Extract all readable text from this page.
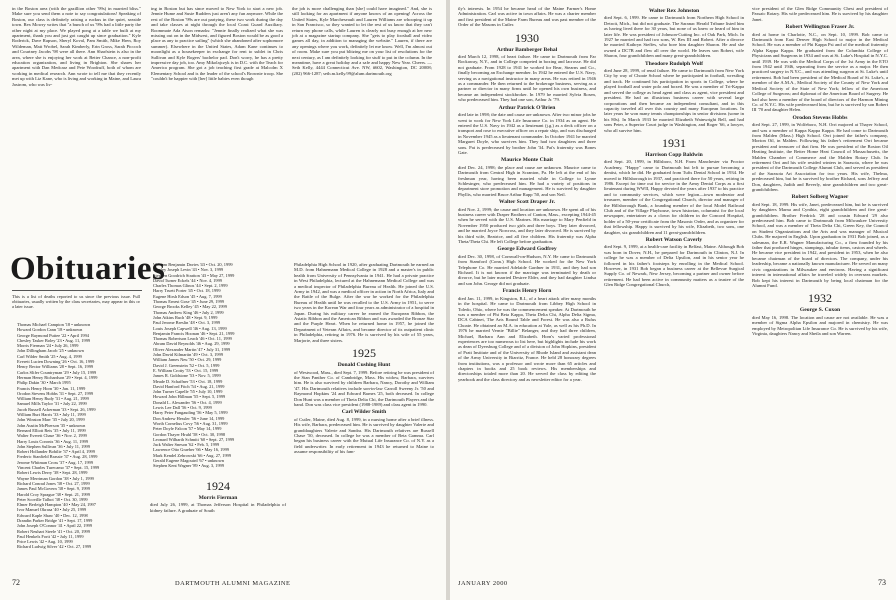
in the Boston area (with the gazillion other '99s) in married bliss." Make sure you send them a note to say congratulations! Speaking of Boston, our class is definitely raising a ruckus in the quiet, seaside town. Rex Mowry writes that "a bunch of us '99s had a little party the other night at my place. We played pong at a table we built at my apartment, thank you and just got caught up since graduation." Kyle Roderick, Dave Rapson, Sheryl Koval, Pam Smith, Mike Hren, Roy Wildeman, Matt Wrobel, Sarah Kimberly, Erin Gross, Sarah Piccoch and Courtney Jacobs '98 were all there. Ann Sharfstein is also in the area, where she is enjoying her work at Better Chance, a non-profit education organization, and living in Brighton. She shares her apartment with Dan Medcarz and Pete Woodruff, both of whom are working in medical research. Ann wrote to tell me that they recently met up with Liz Kane, who is living and working in Maine, and Laura Jastrom, who was liv-

ing in Boston but has since moved to New York to start a new job. Jennie Hume and Susie Rudders just aren't any fun anymore. While the rest of the Boston '99s are out partying, these two work during the day and take classes at night through the local Coast Guard Auxiliary. Roommate Ada Atson remarks: "Jennie finally realized what she was missing out on in the Midwest, and figured Boston would be as good a place as any to practice sailing" (which she abandoned after sophomore summer). Elsewhere in the United States, Adam Kane continues to moonlight as a housekeeper in exchange for rent to sublet in Chris Sullivan and Kyle Rogers' bachelor pad. Don't worry, he has a pretty impressive day job, too. Amy Mikolajczyk is in D.C. with the Teach for America program. She got a job teaching first grade at Malcolm X Elementary School and is the leader of the school's Brownie troop. She "couldn't be happier with [her] little babies even though

the job is more challenging than [she] could have imagined." And, she is still looking for an apartment if anyone knows of an opening! Across the United States, Kyle Marcheseault and Lauren Williams are whooping it up in San Francisco, so they wanted to let the rest of us know that they can't return my phone calls, while Lauren is clearly not busy enough at her new job at a magazine startup company. She "gets to play foosball and video games all day, in addition to managing the website." Lauren, if there are any openings where you work, definitely let me know. Well, I'm almost out of room. Make sure you put blitzing me on your list of resolutions for the next century, as I am definitely looking for stuff to put in the column. In the meantime, have a great holiday and a safe and happy New Year. Cheers. —Seth Kelly, 4444 Connecticut Ave. NW, #602, Washington, DC 20008; (202) 966-1287; seth.m.kelly.99@alum.dartmouth.org

Obituaries
This is a list of deaths reported to us since the previous issue. Full obituaries, usually written by the class secretaries, may appear in this or a later issue.
Thomas Michael Campion '18 • unknown
Howard Gordon Cann '18 • unknown
George Raymond Puttee '22 • April 1994
Chesley Tasker Boley '23 • Aug. 11, 1999
Morris Fierman '24 • July 26, 1999
John Dillingham Jacob '25 • unknown
Carl Wilder Smith '25 • Aug. 4, 1999
Everett Lucien Downing '26 • Oct. 16, 1999
Henry Rector Williams '28 • Sept. 16, 1999
Carlos Slifer Countryman '29 • July 15, 1999
Herman Henry Richardson '29 • Sept. 4, 1999
Philip Dakin '30 • March 1995
Francis Henry Horn '30 • Jan. 11, 1999
Orodon Stevens Hobbs '31 • Sept. 27, 1999
William Henry Rudy '31 • Aug. 21, 1999
Samuel Mills Taylor '31 • July 22, 1999
Jacob Russell Ackerman '33 • Sept. 26, 1999
William Burt Harris '33 • July 11, 1999
John Winston Marr '35 • July 20, 1999
John Austin McPherson '35 • unknown
Bernard Elliott Reis '35 • July 11, 1999
Walter Everett Chase '36 • Nov. 2, 1999
Harry Louis Coronis '36 • Aug. 11, 1999
John Stephen Sullivan '36 • July 11, 1999
Robert Hollander Bobilie '37 • April 4, 1999
Frederic Stanfield Brassie '37 • Aug. 28, 1999
Jerome Whitman Cross '37 • Aug. 17, 1999
Vincent Charles Turecamo '37 • Sept. 15, 1999
Robert Lewis Derry '38 • Sept. 28, 1999
Wayne Merriman Gordon '38 • July 1, 1999
Richard Conrad Jones '38 • Oct. 27, 1999
James Paul McGovern '38 • Sept. 9, 1999
Harold Croy Sprague '38 • Sept. 21, 1999
Peter Scoville Talbot '38 • Oct. 30, 1999
Elmer Berleigh Hampton '40 • May 24, 1997
Ivor Manuel Okrasa '40 • July 25, 1999
Edward Kaple Shaw '40 • Dec. 12, 1998
Drandin Parker Bridge '41 • Sept. 17, 1999
John Joseph O'Connor '41 • April 22, 1999
Robert Neuhart Steele '41 • Oct. 20, 1999
Paul Henkels Fortt '42 • July 11, 1999
Price Lewis '42 • Aug. 10, 1999
Richard Ludwig Silver '42 • Oct. 27, 1999
William Benjamin Davies '43 • Oct. 20, 1999
Stanley Joseph Levin '43 • Nov. 3, 1999
Stephen Goodrich Stratton '43 • May 27, 1999
David Turner Eckels '44 • Nov. 4, 1999
Charles Thomas Glinos '44 • Sept. 2, 1999
Harry Truett Porter '45 • Oct. 18, 1999
Eugene Hirsh Edson '45 • Aug. 7, 1999
Thomas Ernest Gose '45 • June 29, 1999
George Brooks Kelley '45 • May 22, 1999
Thomas Andrew King '46 • July 2, 1999
John Atkins Ruch '48 • Sept. 9, 1999
Paul Jerome Breslin '48 • Oct. 3, 1999
Louis Joseph Capwell '46 • Aug. 13, 1999
Benjamin Francis Hoonan '46 • Sept. 21, 1999
Thomas Robertson Leach '46 • Oct. 11, 1999
Abram David Reynolds '46 • Aug. 29, 1999
Oliver Alexander Martin '47 • July 31, 1999
John David Kilmartin '49 • Oct. 3, 1999
William James Neu '50 • Oct. 29, 1999
David J. Greenstein '52 • Oct. 5, 1999
E. William Crotty '53 • Oct. 15, 1999
James R. Goldstone '53 • Nov. 5, 1999
Meade D. Schaffner '53 • Oct. 18, 1999
David Hanford Fitch '54 • Aug. 21, 1999
John Turner Capelle '55 • July 10, 1999
Howard John Hillman '55 • Sept. 5, 1999
Donald L. Alexander '56 • Oct. 4, 1999
Lewis Lee Dall '56 • Oct. 9, 1999
Harry Peter Fangauding '56 • May 5, 1999
Don Andrew Hessler '56 • June 14, 1999
Worth Cornelius Covy '56 • Aug. 31, 1999
Peter Doyle Falcon '57 • May 14, 1999
Gordon Thayer Hruhl '58 • Oct. 30, 1998
Leonard Wilbarth Schmitt '60 • Sept. 27, 1999
Jack Walter Sneson '62 • Feb. 5, 1999
Lawrence Otto Graeber '66 • May 16, 1999
Mark Kendel Zebrowski '66 • Aug. 27, 1999
Gerald Eugene Magouird '67 • unknown
Stephen Kent Wagner '89 • Aug. 3, 1999
1924
Morris Fierman

died July 26, 1999, at Thomas Jefferson Hospital in Philadelphia of kidney failure. A graduate of South

Philadelphia High School in 1920, after graduating Dartmouth he earned an M.D. from Hahnemann Medical College in 1928 and a master's in public health from University of Pennsylvania in 1941. He had a private practice in West Philadelphia, lectured at the Hahnemann Medical College and was a medical inspector of Philadelphia Bureau of Health. He joined the U.S. Army in 1942, and was a medical officer in action in North Africa, Italy and the Battle of the Bulge. After the war he worked for the Philadelphia Bureau of Health until he was recalled to the U.S. Army in 1951, to serve two years in the Korean War and four years as administrator of a hospital in Japan. During his military career he earned the European Ribbon, the Asiatic Ribbon and the American Ribbon and was awarded the Bronze Star and the Purple Heart. When he returned home in 1957, he joined the Department of Veteran Affairs, and became director of its outpatient clinic in Philadelphia, retiring in 1976. He is survived by his wife of 55 years, Marjorie, and three sisters.

1925
Donald Cushing Hunt

of Westwood, Mass., died Sept. 7, 1999. Before retiring he was president of the Stan Panther Co. of Cambridge, Mass. His widow, Barbara, survives him. He is also survived by children Barbara, Nancy, Dorothy and William '47. His Dartmouth relatives include son-in-law Carroll Sweeny Jr. '50 and Raymond Hopkins '24 and Edward Barnes '25, both deceased. In college Don Hunt was a member of Theta Delta Chi, the Dartmouth Players and the band. Don was class vice president (1988-1989) and class agent in 1990.

Carl Wilder Smith

of Cutler, Maine, died Aug. 8, 1999, in a nursing home after a brief illness. His wife, Barbara, predeceased him. He is survived by daughter Valerie and granddaughters Valerie and Sandra. His Dartmouth relatives are Russell Chase '50, deceased. In college he was a member of Beta Gamma. Carl began his business career with the Mutual Life Insurance Co. of N.Y. as a field underwriter. In early retirement in 1943 he returned to Maine to assume responsibility of his fam-

72	DARTMOUTH ALUMNI MAGAZINE

ily's interests. In 1954 he became head of the Maine Farmer's Home Administration. Carl was active in town affairs. He was a charter member and first president of the Maine Farm Bureau and was past member of the Order of the Masons in Cutler.

1930
Arthur Bamberger Behal

died March 12, 1998, of heart failure. He came to Dartmouth from Far Rockaway, N.Y., and in College competed in boxing and lacrosse. He did not graduate. From 1928 to 1941 he worked for Bear, Stearns and Co., finally becoming an Exchange member. In 1942 he entered the U.S. Navy, serving as a navigational instructor in many areas. He was retired in 1946 as a commander. He then returned to the brokerage business, serving as a partner or director in many firms until he opened his own business, and became an independent stockbroker. In 1979 he married Sylvia Rosen, who predeceased him. They had one son, Arthur Jr. '79.

Arthur Patrick O'Brien

died late in 1998; the date and cause are unknown. After two minor jobs he went to work for New York Life Insurance Co. in 1934 as an agent. He entered the U.S. Navy in 1942 as a lieutenant (j.g.) as a deck officer on a transport and rose to executive officer on a repair ship, and was discharged in November 1945 as a lieutenant commander. In October 1941 he married Margaret Doyle, who survives him. They had two daughters and three sons. Pat is predeceased by brother John '34. Pat's fraternity was Bones Gate.

Maurice Monte Chait

died Dec. 24, 1998; the place and cause are unknown. Maurice came to Dartmouth from Central High in Scranton, Pa. He left at the end of his freshman year, having been married while in College to Lynne Schlesinger, who predeceased him. He had a variety of positions in department store promotion and management. He is survived by daughter Phyllis, who married Bruce Arthur Rapp '50, and son Neil.

Walter Scott Draper Jr.

died Nov. 2, 1999; the cause and location are unknown. He spent all of his business career with Draper Brothers of Canton, Mass., excepting 1944-45 when he served with the U.S. Marines. His marriage to Mary Penfield in November 1950 produced two girls and three boys. They later divorced, and he married Joyce Norcross, and they later divorced. He is survived by his third wife, Beatrice, and all five children. His fraternity was Alpha Theta/Theta Chi. He left College before graduation.

George Edward Godfrey

died Dec. 30, 1998, of Cornwall-on-Hudson, N.Y. He came to Dartmouth from Stamford (Conn.) High School. He worked for the New York Telephone Co. He married Adelaide Gardner in 1931, and they had son Richard. It is not known if the marriage was terminated by death or divorce, but he later married Desiree Elder, and they had daughter Lindsa and son John. George did not graduate.

Francis Henry Horn

died Jan. 11, 1999, in Kingston, R.I., of a heart attack after many months in the hospital. He came to Dartmouth from Libbey High School in Toledo, Ohio, where he was the commencement speaker. At Dartmouth he was a member of Phi Beta Kappa, Theta Delta Chi, Alpha Delta Sigma, DCA Cabinet, The Arts Round Table and Forest. He was also a Rufus Choate. He obtained an M.A. in education at Yale, as well as his Ph.D. In 1976 he married Vernie "Billie" Belanger, and they had three children, Michael, Barbara Ann and Elizabeth. Horn's varied professional experiences are too numerous to list here, but highlights include his work as dean of Dyersburg College and of a division of John Hopkins, president of Pratt Institute and of the University of Rhode Island and assistant dean of the Army University in Biarritz, France. He held 28 honorary degrees from institutions, was a professor and wrote more than 65 articles and chapters in books and 25 book reviews. His memberships and directorships totaled more than 20. He served the class by editing the yearbook and the class directory and as newsletter editor for a year.

Walter Rex Johnston

died Sept. 6, 1999. He came to Dartmouth from Northern High School in Detroit, Mich., but did not graduate. The Saranac Herald Tribune listed him as having lived there for 30 years, but none of us knew or heard of him in later life. He was president of Johnson-Cutting Inc. of Oak Park, Mich. In 1927 he married and had two sons, W. Rex III and Robert. After a divorce he married Kathryn Steffes, who bore him daughter Sharon. He and she owned a DC7B and flew all over the world. He leaves son Robert, wife Sharon, four grandchildren and many great-grandchildren.

Theodore Rudolph Wolf

died June 28, 1999, of renal failure. He came to Dartmouth from New York City by way of Choate School where he participated in football, wrestling and track. He continued his participation in sports in College, where he played football and water polo and boxed. He was a member of Tri-Kappa and served the college as head agent and class as agent, vice president and president. He had an illustrious business career with several large corporations and then became an independent consultant, and in this capacity traveled all over this country and many European locations. In later years he won many tennis championships in senior divisions (some in his 80s). In March 1933 he married Elizabeth Wainwright Bell, and had sons Peter, a Superior Court judge in Washington, and Roger '66, a lawyer, who all survive him.

1931
Harrison Copp Baldwin

died Sept. 20, 1999, in Hillsboro, N.H. From Manchester via Proctor Academy, "Happy" came to Dartmouth but left to pursue becoming a dentist, which he did. He graduated from Tufts Dental School in 1934. He moved to Hillsborough in 1937, and practiced there for 50 years, retiring in 1986. Except for time out for service in the Army Dental Corps as a first lieutenant during WWII, Happy devoted the years after 1937 to his practice and to community services, which were legion—town moderator and treasurer, member of the Congregational Church, director and manager of the Hillsborough Bank, a founding member of the local Model Railroad Club and of the Village Playhouse, town historian, columnist for the local newspaper, entertainer as a clown for children in the Concord Hospital, holder of a 50-year certificate from the Masonic Order, and as organizer for that fellowship. Happy is survived by his wife, Elizabeth, two sons, one daughter, six grandchildren and 11 great-grandchildren.

Robert Watson Caverly

died Sept. 9, 1999, at a health-care facility in Belfast, Maine. Although Bob was born in Dover, N.H., he prepared for Dartmouth in Clinton, N.J. In college he was a member of Delta Upsilon, and in his senior year he followed in his father's footsteps by enrolling in the Medical School. However, in 1931 Bob began a business career at the Bellevue Surgical Supply Co. of Newark, New Jersey, becoming a partner and owner before retirement. He had been active in community matters as a trustee of the Glen Ridge Congregational Church,

vice president of the Glen Ridge Community Chest and president of Passaic Rotary. His wife predeceased him. He is survived by his daughter Janet.

Robert Wellington Fraser Jr.

died at home in Charlotte, N.C., on Sept. 10, 1999. Bob came to Dartmouth from East Denver High School to major in the Medical School. He was a member of Phi Kappa Psi and of the medical fraternity Alpha Kappa Kappa. He graduated from the Columbia College of Physicians and Surgeons in 1934 and was at St. Luke's Hospital in N.Y.C. until 1939. He was with the Medical Corps of the 1st Army in the ETO from 1942 until 1946, separating from the service as a major. He then practiced surgery in N.Y.C., and was attending surgeon at St. Luke's until retirement. Bob had been president of the Medical Board of St. Luke's, a member of the A.M.A., Medical Society of the County of New York and Medical Society of the State of New York; fellow of the American College of Surgeons; and diplomat of the American Board of Surgery. He had also been a member of the board of directors of the Harmon Mining Co. of N.Y.C. His wife predeceased him, but he is survived by son Robert III '70 and daughter Helen.

Orodon Stevens Hobbs

died Sept. 27, 1999, in Wolfeboro, N.H. Orri majored at Thayer School, and was a member of Kappa Kappa Kappa. He had come to Dartmouth from Malden (Mass.) High School. Orri joined the father's company, Morton Oil, in Malden. Following his father's retirement Orri became president and treasurer of that firm. He was president of the Boston Oil Heating Institute, the Better Home Heat Council of Massachusetts, the Malden Chamber of Commerce and the Malden Rotary Club. In retirement Orri and his wife resided winters in Sarasota, where he was president of the Dartmouth College Alumni Club, and served as president of the Sarasota Art Association for two years. His wife, Thelma, predeceased him, but he is survived by brother Richard, sons Jeffrey and Don, daughters, Judith and Beverly, nine grandchildren and two great-grandchildren.

Robert Solberg Wagner

died Sept. 18, 1999. His wife, Janet, predeceased him, but he is survived by daughters Marna and Cynthia, eight grandchildren and five great-grandchildren. Brother Fredrick '28 and cousin Edward '29 also predeceased him. Bob came to Dartmouth from Milwaukee University School, and was a member of Theta Delta Chi, Green Key, the Council on Student Organizations and the Arts and was manager of Musical Clubs. He majored in English. Upon graduation in 1931 Bob joined, as a salesman, the E.R. Wagner Manufacturing Co., a firm founded by his father that produced hinges, stampings, tubular items, castors and wheels. He became vice president in 1942, and president in 1953, when he also became chairman of the board of directors. The company, under his leadership, became a nationally known manufacturer. He served on many civic organizations in Milwaukee and environs. Having a significant interest in international affairs he traveled widely in overseas markets. Bob kept his interest in Dartmouth by being local chairman for the Alumni Fund.

1932
George S. Coxon

died May 16, 1998. The location and cause are not available. He was a member of Sigma Alpha Epsilon and majored in chemistry. He was employed by Metropolitan Life Insurance Co. He is survived by his wife, Virginia, daughters Nancy and Sheila and son Warren.

JANUARY 2000	73
